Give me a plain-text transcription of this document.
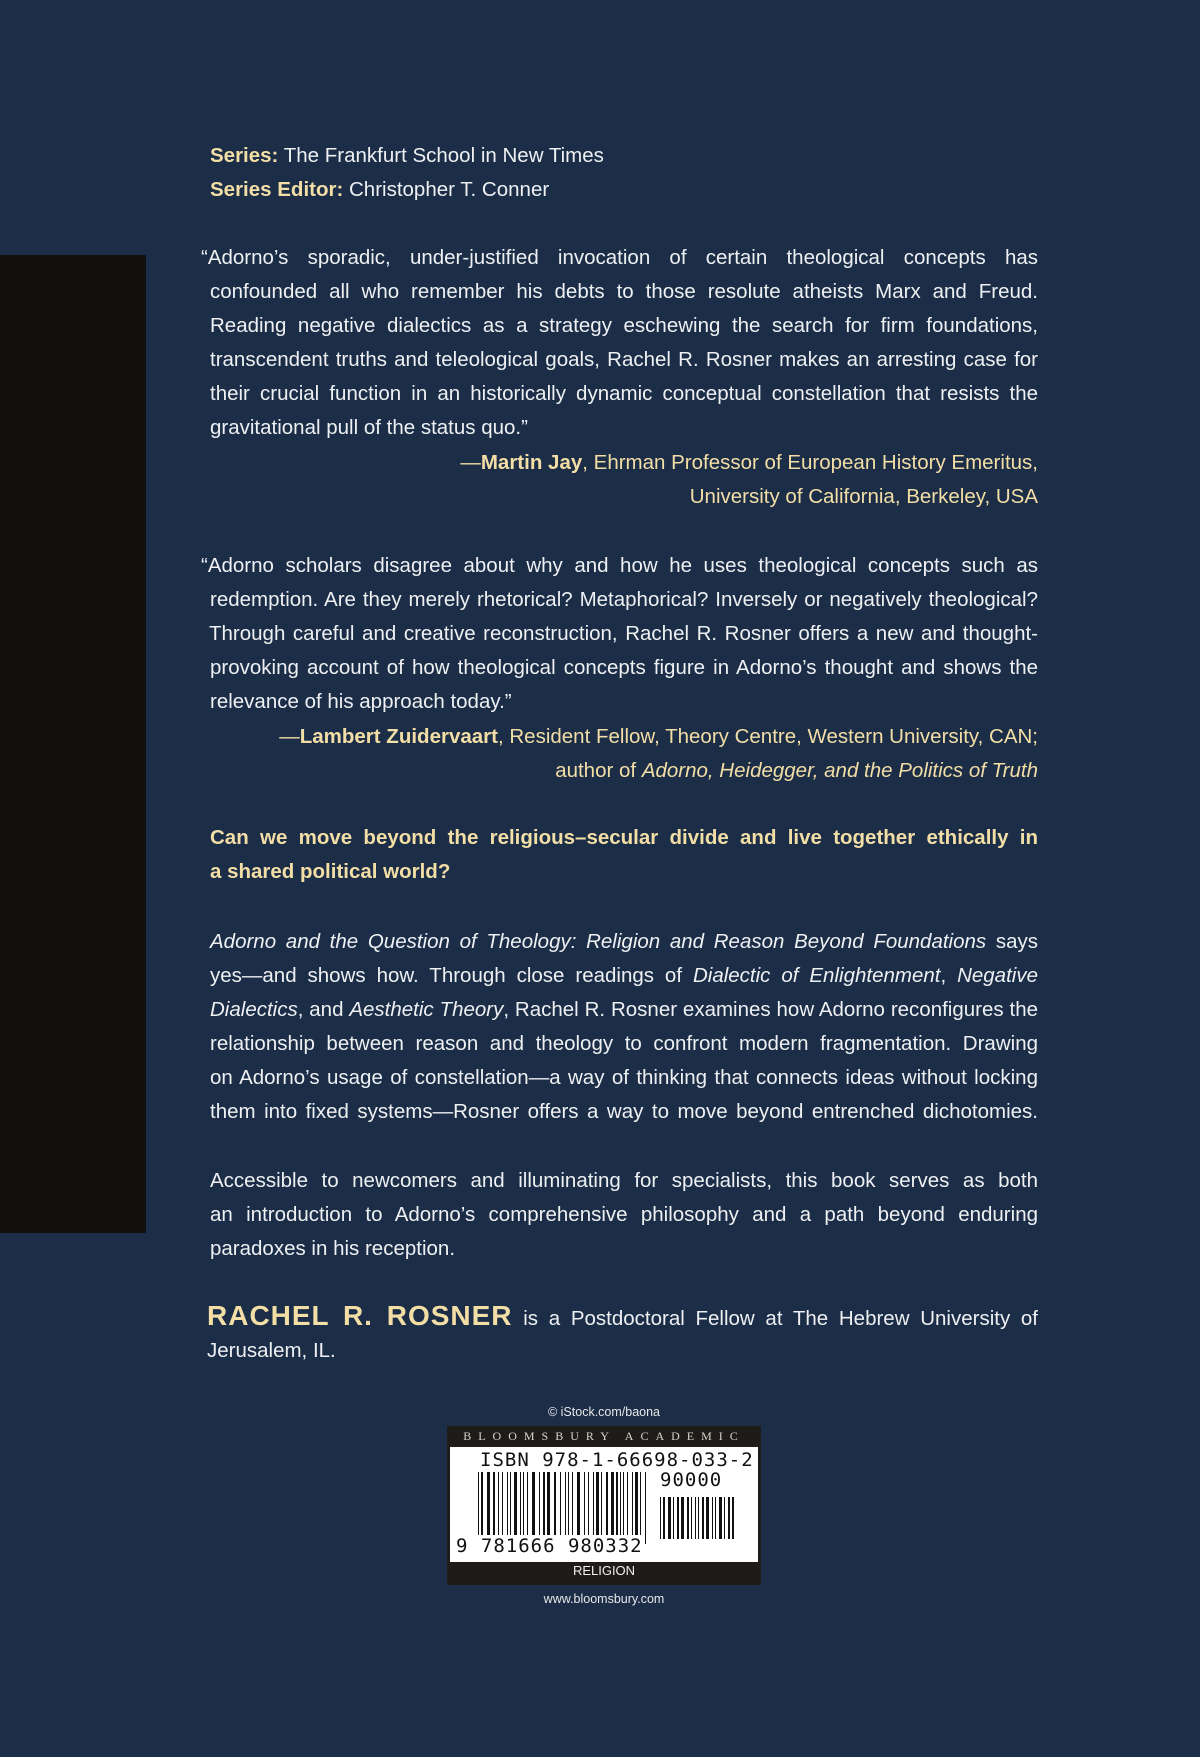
Series: The Frankfurt School in New Times
Series Editor: Christopher T. Conner
“Adorno’s sporadic, under-justified invocation of certain theological concepts has
confounded all who remember his debts to those resolute atheists Marx and Freud.
Reading negative dialectics as a strategy eschewing the search for firm foundations,
transcendent truths and teleological goals, Rachel R. Rosner makes an arresting case for
their crucial function in an historically dynamic conceptual constellation that resists the
gravitational pull of the status quo.”
—Martin Jay, Ehrman Professor of European History Emeritus,
University of California, Berkeley, USA
“Adorno scholars disagree about why and how he uses theological concepts such as
redemption. Are they merely rhetorical? Metaphorical? Inversely or negatively theological?
Through careful and creative reconstruction, Rachel R. Rosner offers a new and thought-
provoking account of how theological concepts figure in Adorno’s thought and shows the
relevance of his approach today.”
—Lambert Zuidervaart, Resident Fellow, Theory Centre, Western University, CAN;
author of Adorno, Heidegger, and the Politics of Truth
Can we move beyond the religious–secular divide and live together ethically in
a shared political world?
Adorno and the Question of Theology: Religion and Reason Beyond Foundations says
yes—and shows how. Through close readings of Dialectic of Enlightenment, Negative
Dialectics, and Aesthetic Theory, Rachel R. Rosner examines how Adorno reconfigures the
relationship between reason and theology to confront modern fragmentation. Drawing
on Adorno’s usage of constellation—a way of thinking that connects ideas without locking
them into fixed systems—Rosner offers a way to move beyond entrenched dichotomies.
Accessible to newcomers and illuminating for specialists, this book serves as both
an introduction to Adorno’s comprehensive philosophy and a path beyond enduring
paradoxes in his reception.
RACHEL R. ROSNER is a Postdoctoral Fellow at The Hebrew University of
Jerusalem, IL.
© iStock.com/baona
BLOOMSBURY ACADEMIC
ISBN 978-1-66698-033-2
90000
9 781666 980332
RELIGION
www.bloomsbury.com
